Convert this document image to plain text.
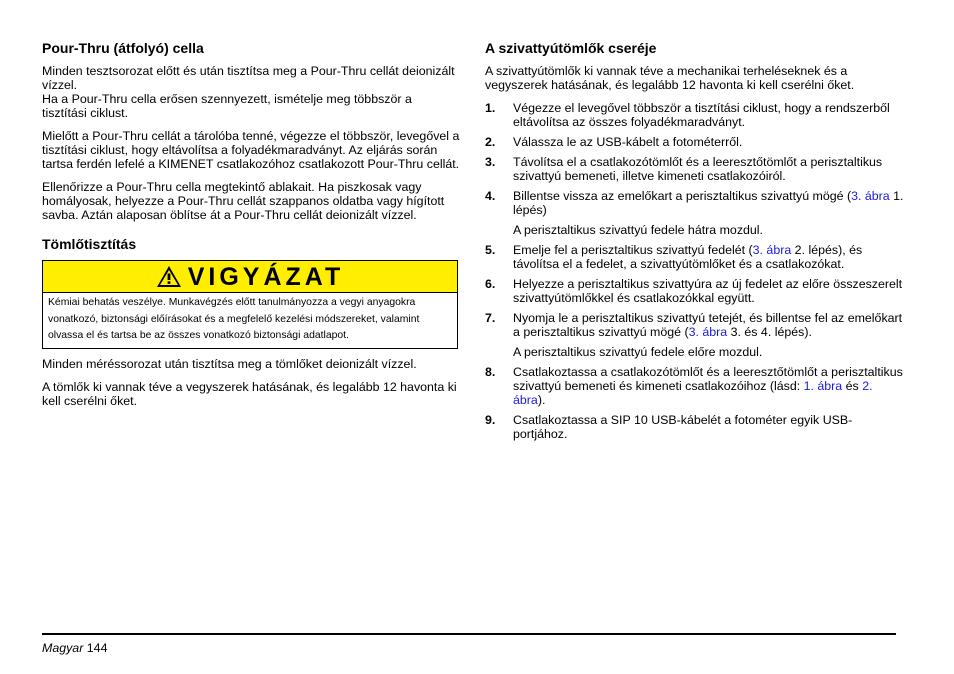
Pour-Thru (átfolyó) cella

Minden tesztsorozat előtt és után tisztítsa meg a Pour-Thru cellát deionizált vízzel.

Ha a Pour-Thru cella erősen szennyezett, ismételje meg többször a tisztítási ciklust.

Mielőtt a Pour-Thru cellát a tárolóba tenné, végezze el többször, levegővel a tisztítási ciklust, hogy eltávolítsa a folyadékmaradványt. Az eljárás során tartsa ferdén lefelé a KIMENET csatlakozóhoz csatlakozott Pour-Thru cellát.

Ellenőrizze a Pour-Thru cella megtekintő ablakait. Ha piszkosak vagy homályosak, helyezze a Pour-Thru cellát szappanos oldatba vagy hígított savba. Aztán alaposan öblítse át a Pour-Thru cellát deionizált vízzel.

Tömlőtisztítás
VIGYÁZAT
Kémiai behatás veszélye. Munkavégzés előtt tanulmányozza a vegyi anyagokra vonatkozó, biztonsági előírásokat és a megfelelő kezelési módszereket, valamint olvassa el és tartsa be az összes vonatkozó biztonsági adatlapot.

Minden méréssorozat után tisztítsa meg a tömlőket deionizált vízzel.

A tömlők ki vannak téve a vegyszerek hatásának, és legalább 12 havonta ki kell cserélni őket.

A szivattyútömlők cseréje

A szivattyútömlők ki vannak téve a mechanikai terheléseknek és a vegyszerek hatásának, és legalább 12 havonta ki kell cserélni őket.

1. Végezze el levegővel többször a tisztítási ciklust, hogy a rendszerből eltávolítsa az összes folyadékmaradványt.
2. Válassza le az USB-kábelt a fotométerről.
3. Távolítsa el a csatlakozótömlőt és a leeresztőtömlőt a perisztaltikus szivattyú bemeneti, illetve kimeneti csatlakozóiról.
4. Billentse vissza az emelőkart a perisztaltikus szivattyú mögé (3. ábra 1. lépés)
A perisztaltikus szivattyú fedele hátra mozdul.
5. Emelje fel a perisztaltikus szivattyú fedelét (3. ábra 2. lépés), és távolítsa el a fedelet, a szivattyútömlőket és a csatlakozókat.
6. Helyezze a perisztaltikus szivattyúra az új fedelet az előre összeszerelt szivattyútömlőkkel és csatlakozókkal együtt.
7. Nyomja le a perisztaltikus szivattyú tetejét, és billentse fel az emelőkart a perisztaltikus szivattyú mögé (3. ábra 3. és 4. lépés).
A perisztaltikus szivattyú fedele előre mozdul.
8. Csatlakoztassa a csatlakozótömlőt és a leeresztőtömlőt a perisztaltikus szivattyú bemeneti és kimeneti csatlakozóihoz (lásd: 1. ábra és 2. ábra).
9. Csatlakoztassa a SIP 10 USB-kábelét a fotométer egyik USB-portjához.
Magyar 144
